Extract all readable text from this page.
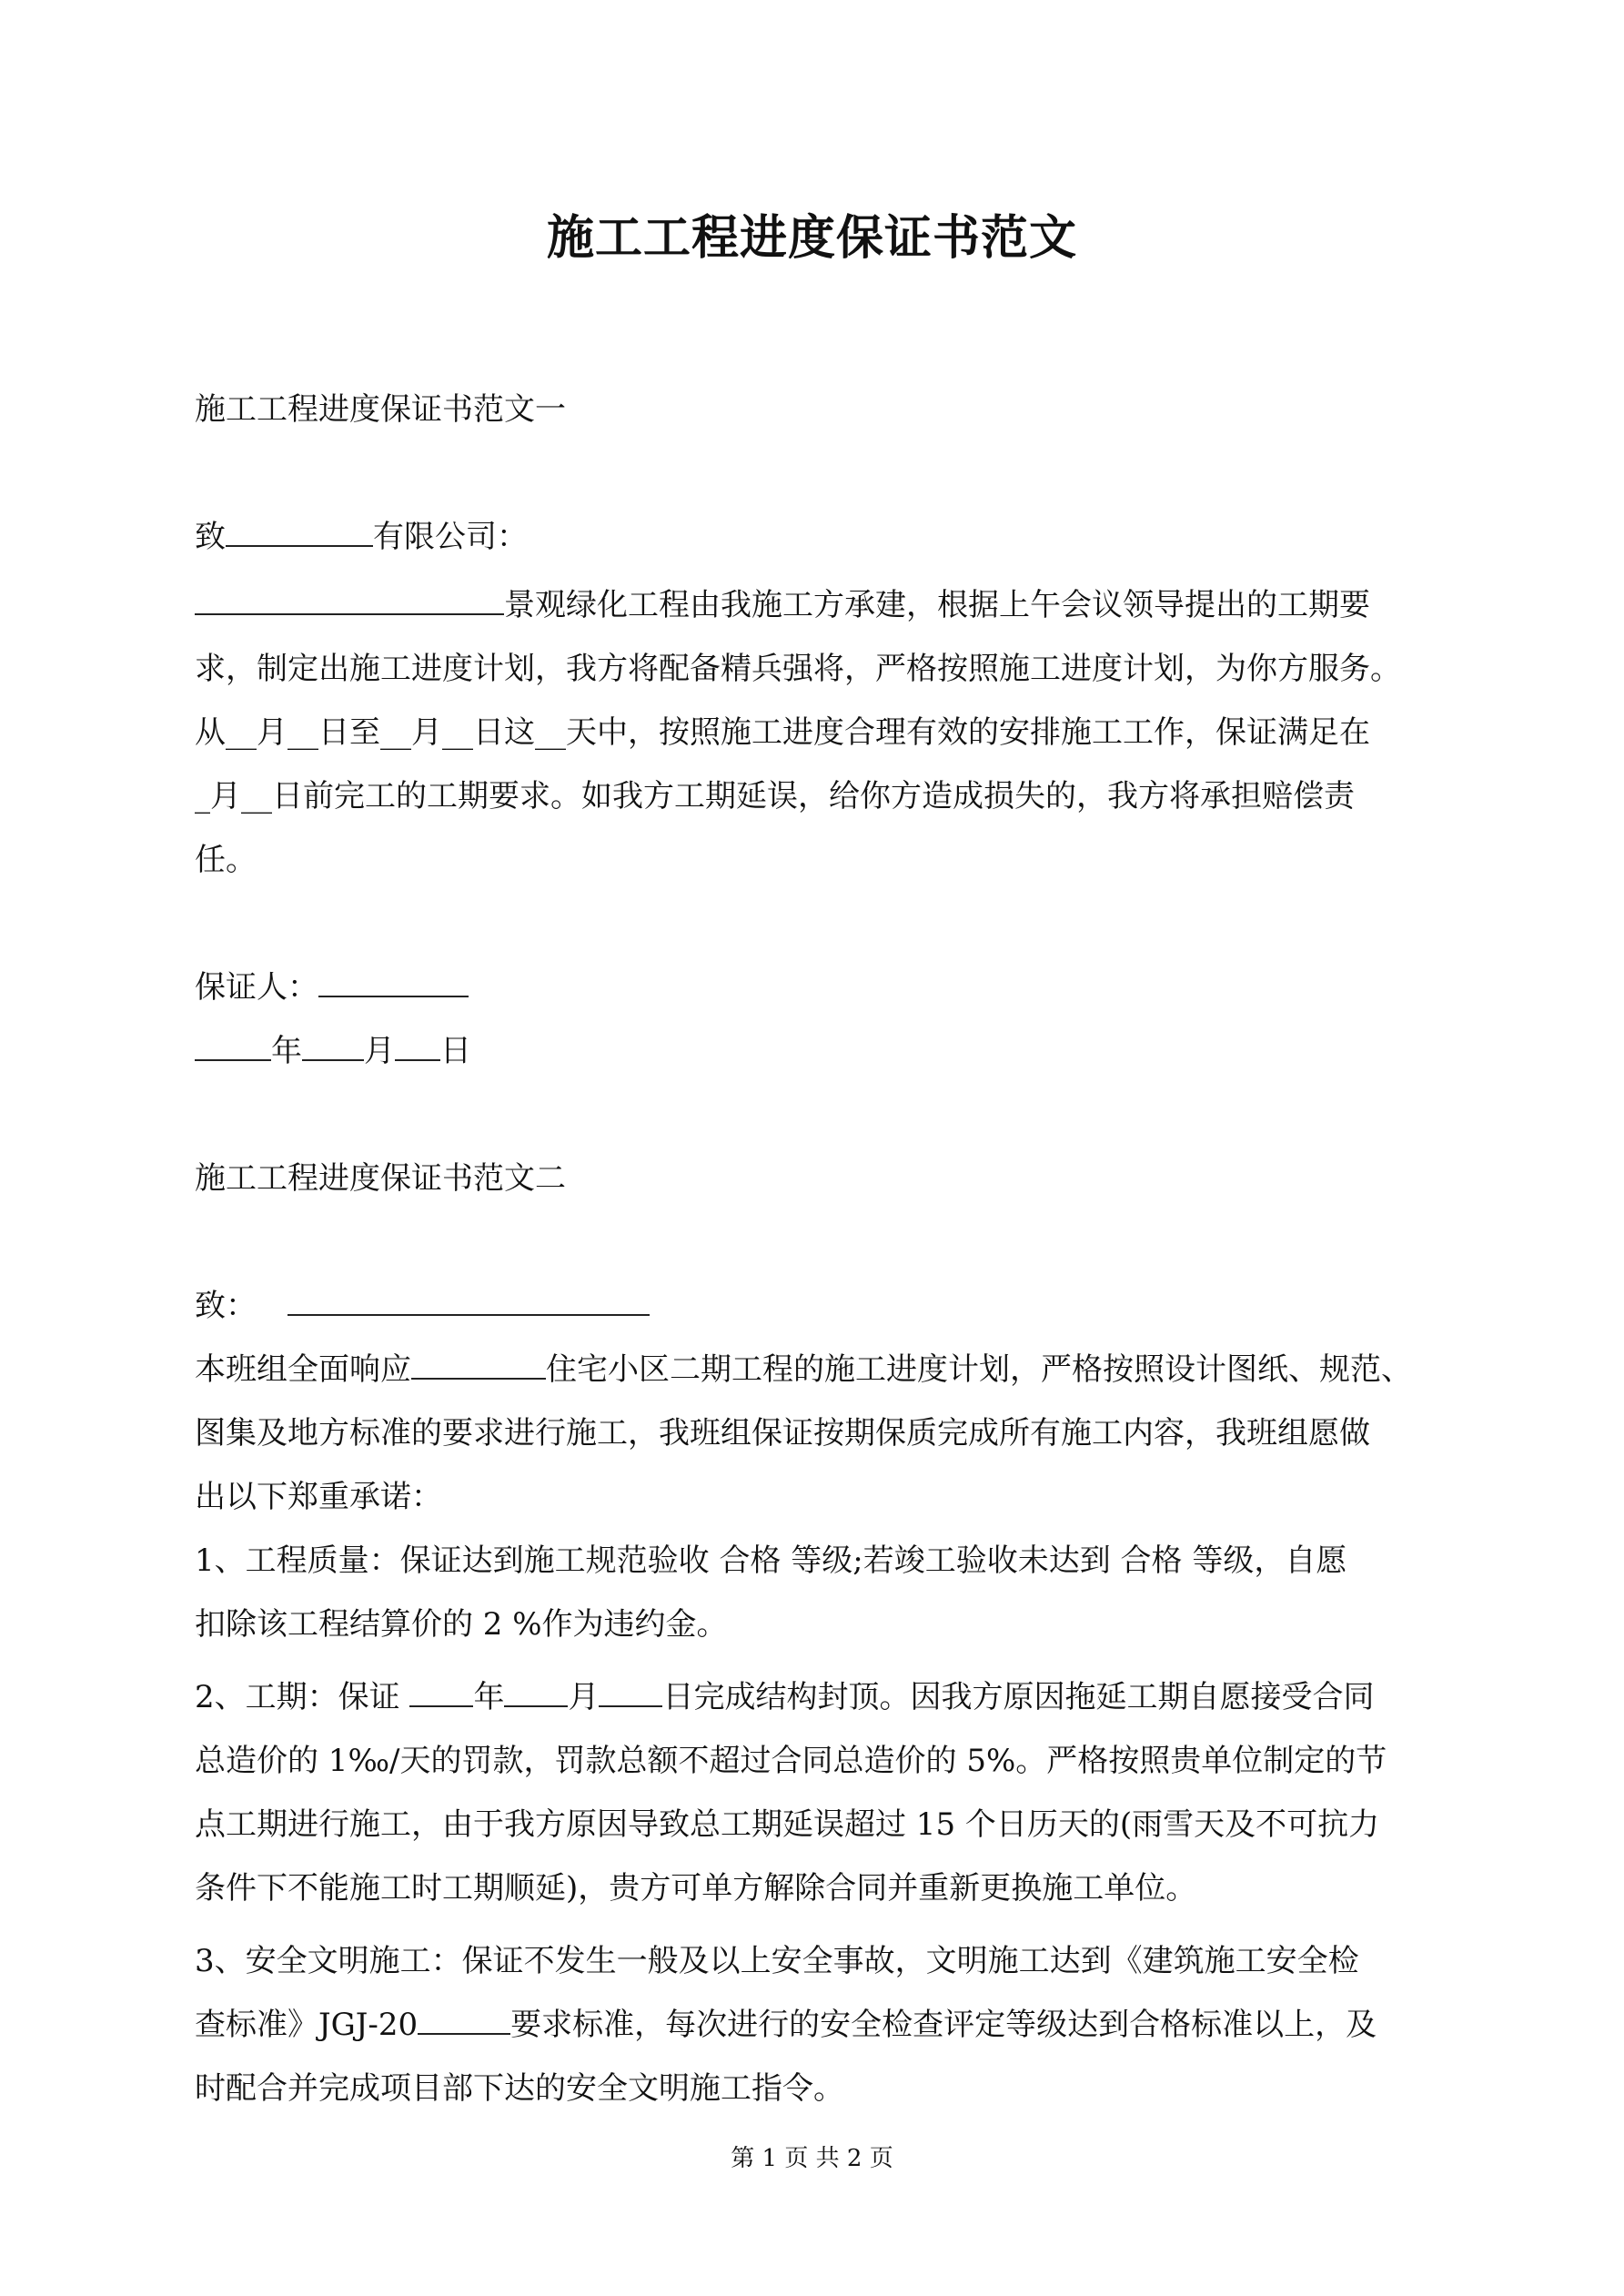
施工工程进度保证书范文
施工工程进度保证书范文一
致	有限公司：
景观绿化工程由我施工方承建，根据上午会议领导提出的工期要
求，制定出施工进度计划，我方将配备精兵强将，严格按照施工进度计划，为你方服务。
从__月__日至__月__日这__天中，按照施工进度合理有效的安排施工工作，保证满足在
_月__日前完工的工期要求。如我方工期延误，给你方造成损失的，我方将承担赔偿责
任。
保证人：
年 月 日
施工工程进度保证书范文二
致：
本班组全面响应	住宅小区二期工程的施工进度计划，严格按照设计图纸、规范、
图集及地方标准的要求进行施工，我班组保证按期保质完成所有施工内容，我班组愿做
出以下郑重承诺：
1、工程质量：保证达到施工规范验收 合格 等级;若竣工验收未达到 合格 等级，自愿
扣除该工程结算价的 2 %作为违约金。
2、工期：保证 年 月 日完成结构封顶。因我方原因拖延工期自愿接受合同
总造价的 1‰/天的罚款，罚款总额不超过合同总造价的 5%。严格按照贵单位制定的节
点工期进行施工，由于我方原因导致总工期延误超过 15 个日历天的(雨雪天及不可抗力
条件下不能施工时工期顺延)，贵方可单方解除合同并重新更换施工单位。
3、安全文明施工：保证不发生一般及以上安全事故，文明施工达到《建筑施工安全检
查标准》JGJ-20	要求标准，每次进行的安全检查评定等级达到合格标准以上，及
时配合并完成项目部下达的安全文明施工指令。
第 1 页 共 2 页
